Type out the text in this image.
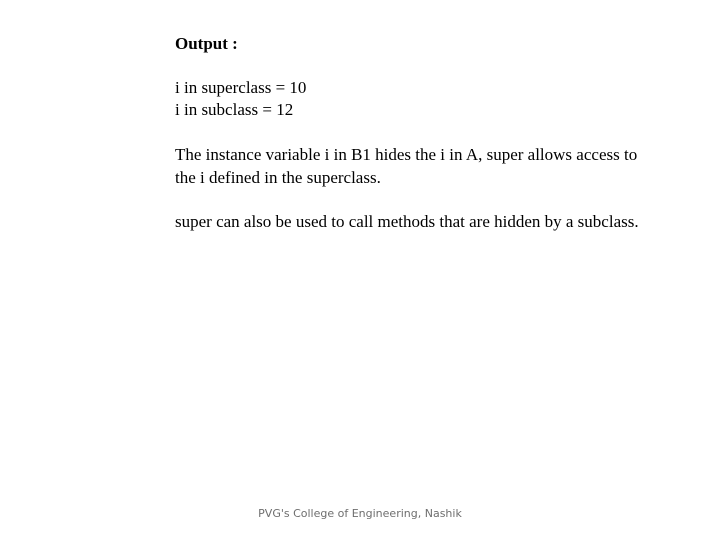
Output :

i in superclass = 10
i in subclass = 12

The instance variable i in B1 hides the i in A, super allows access to the i defined in the superclass.

super can also be used to call methods that are hidden by a subclass.

PVG's College of Engineering, Nashik
